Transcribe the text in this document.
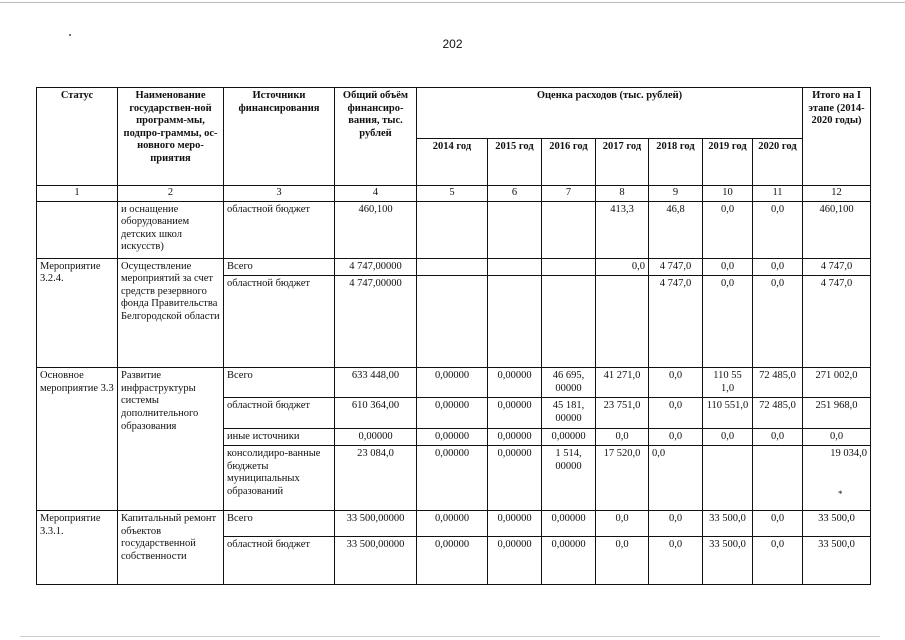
202
Статус	Наименование государствен-ной программ-мы, подпро-граммы, ос-новного меро-приятия	Источники финансирования	Общий объём финансиро-вания, тыс. рублей	Оценка расходов (тыс. рублей)							Итого на I этапе (2014-2020 годы)
				2014 год	2015 год	2016 год	2017 год	2018 год	2019 год	2020 год	
1	2	3	4	5	6	7	8	9	10	11	12
	и оснащение оборудованием детских школ искусств)	областной бюджет	460,100				413,3	46,8	0,0	0,0	460,100
Мероприятие 3.2.4.	Осуществление мероприятий за счет средств резервного фонда Правительства Белгородской области	Всего	4 747,00000				0,0	4 747,0	0,0	0,0	4 747,0
		областной бюджет	4 747,00000					4 747,0	0,0	0,0	4 747,0
Основное мероприятие 3.3	Развитие инфраструктуры системы дополнительного образования	Всего	633 448,00	0,00000	0,00000	46 695, 00000	41 271,0	0,0	110 55 1,0	72 485,0	271 002,0
		областной бюджет	610 364,00	0,00000	0,00000	45 181, 00000	23 751,0	0,0	110 551,0	72 485,0	251 968,0
		иные источники	0,00000	0,00000	0,00000	0,00000	0,0	0,0	0,0	0,0	0,0
		консолидиро-ванные бюджеты муниципальных образований	23 084,0	0,00000	0,00000	1 514, 00000	17 520,0	0,0			19 034,0
Мероприятие 3.3.1.	Капитальный ремонт объектов государственной собственности	Всего	33 500,00000	0,00000	0,00000	0,00000	0,0	0,0	33 500,0	0,0	33 500,0
		областной бюджет	33 500,00000	0,00000	0,00000	0,00000	0,0	0,0	33 500,0	0,0	33 500,0
*
